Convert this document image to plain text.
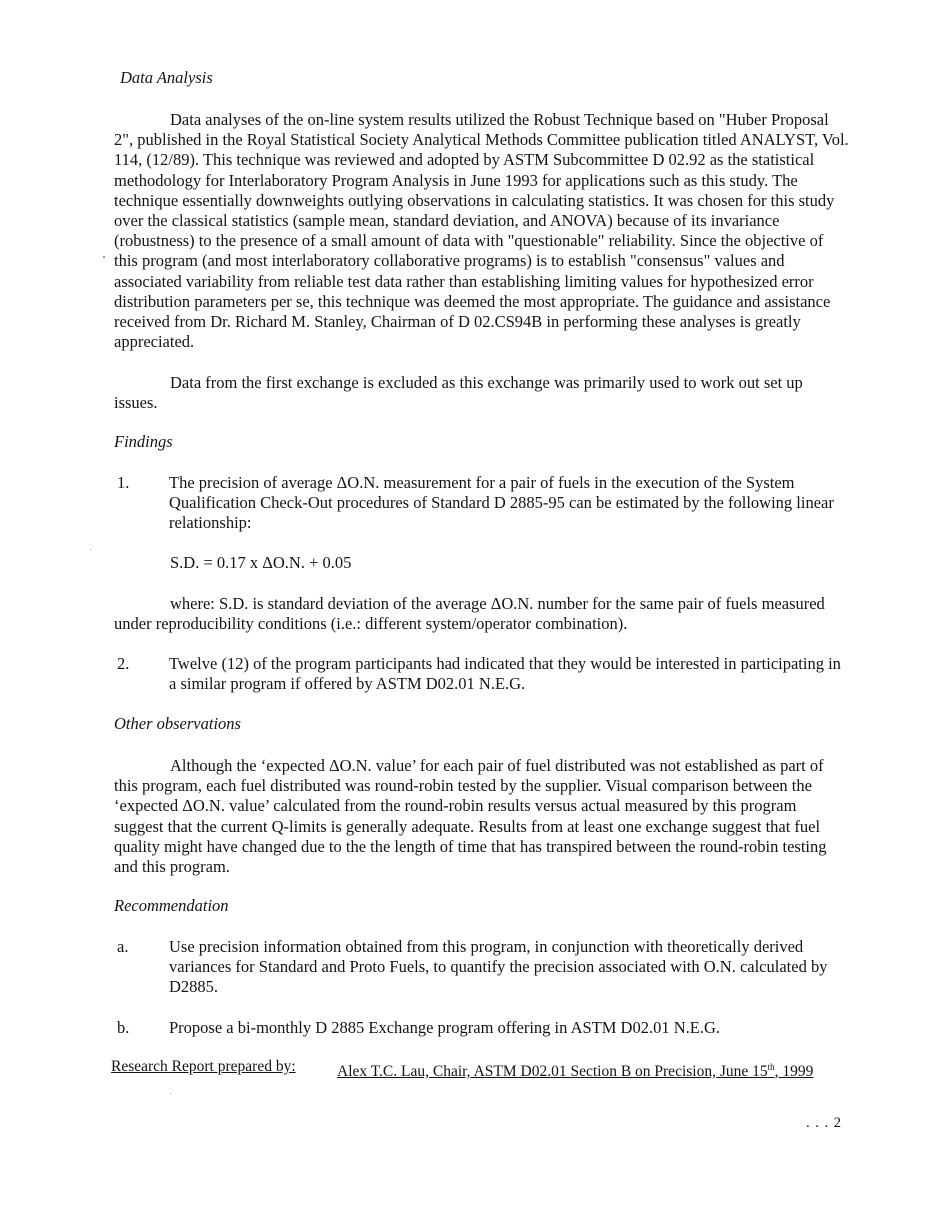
Data Analysis

Data analyses of the on-line system results utilized the Robust Technique based on "Huber Proposal 2", published in the Royal Statistical Society Analytical Methods Committee publication titled ANALYST, Vol. 114, (12/89). This technique was reviewed and adopted by ASTM Subcommittee D 02.92 as the statistical methodology for Interlaboratory Program Analysis in June 1993 for applications such as this study. The technique essentially downweights outlying observations in calculating statistics. It was chosen for this study over the classical statistics (sample mean, standard deviation, and ANOVA) because of its invariance (robustness) to the presence of a small amount of data with "questionable" reliability. Since the objective of this program (and most interlaboratory collaborative programs) is to establish "consensus" values and associated variability from reliable test data rather than establishing limiting values for hypothesized error distribution parameters per se, this technique was deemed the most appropriate. The guidance and assistance received from Dr. Richard M. Stanley, Chairman of D 02.CS94B in performing these analyses is greatly appreciated.

Data from the first exchange is excluded as this exchange was primarily used to work out set up issues.

Findings
1.	The precision of average ΔO.N. measurement for a pair of fuels in the execution of the System Qualification Check-Out procedures of Standard D 2885-95 can be estimated by the following linear relationship:
S.D. = 0.17 x ΔO.N. + 0.05

where: S.D. is standard deviation of the average ΔO.N. number for the same pair of fuels measured under reproducibility conditions (i.e.: different system/operator combination).

2.	Twelve (12) of the program participants had indicated that they would be interested in participating in a similar program if offered by ASTM D02.01 N.E.G.
Other observations

Although the ‘expected ΔO.N. value’ for each pair of fuel distributed was not established as part of this program, each fuel distributed was round-robin tested by the supplier. Visual comparison between the ‘expected ΔO.N. value’ calculated from the round-robin results versus actual measured by this program suggest that the current Q-limits is generally adequate. Results from at least one exchange suggest that fuel quality might have changed due to the the length of time that has transpired between the round-robin testing and this program.

Recommendation
a.	Use precision information obtained from this program, in conjunction with theoretically derived variances for Standard and Proto Fuels, to quantify the precision associated with O.N. calculated by D2885.
b.	Propose a bi-monthly D 2885 Exchange program offering in ASTM D02.01 N.E.G.
Research Report prepared by:	Alex T.C. Lau, Chair, ASTM D02.01 Section B on Precision, June 15th, 1999
. . . 2
